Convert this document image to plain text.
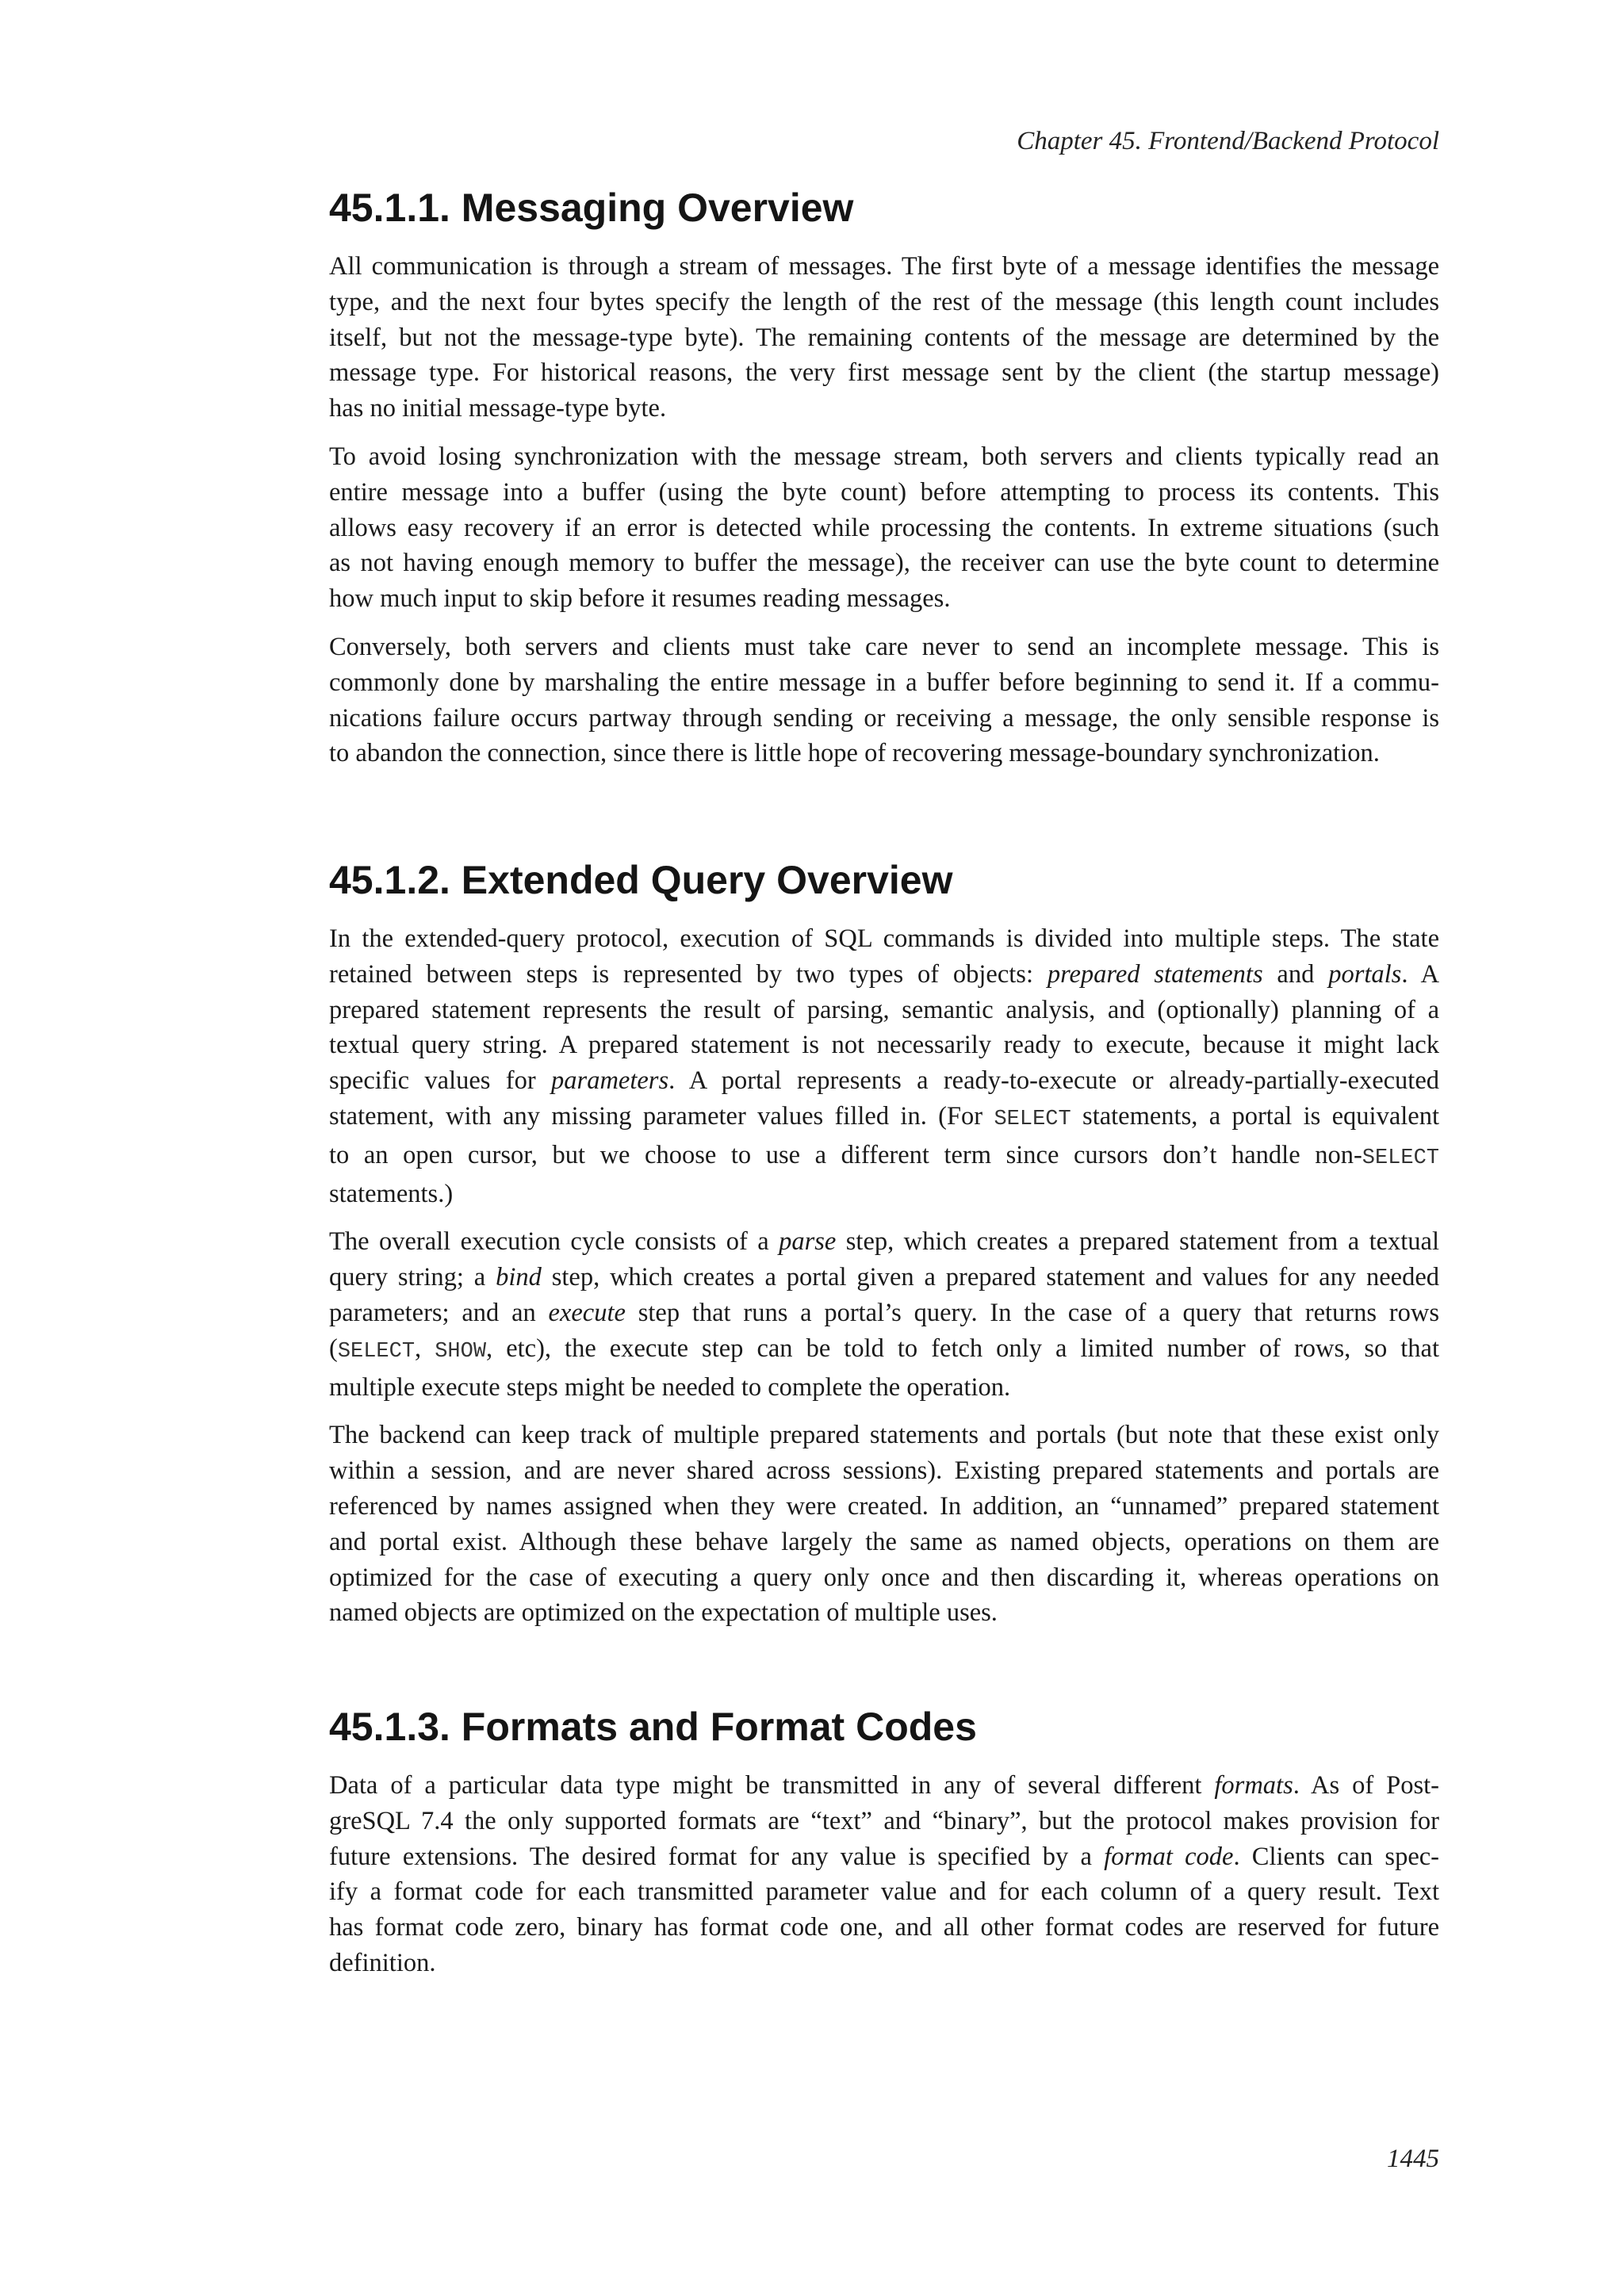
Chapter 45. Frontend/Backend Protocol
45.1.1. Messaging Overview

All communication is through a stream of messages. The first byte of a message identifies the message
type, and the next four bytes specify the length of the rest of the message (this length count includes
itself, but not the message-type byte). The remaining contents of the message are determined by the
message type. For historical reasons, the very first message sent by the client (the startup message)
has no initial message-type byte.

To avoid losing synchronization with the message stream, both servers and clients typically read an
entire message into a buffer (using the byte count) before attempting to process its contents. This
allows easy recovery if an error is detected while processing the contents. In extreme situations (such
as not having enough memory to buffer the message), the receiver can use the byte count to determine
how much input to skip before it resumes reading messages.

Conversely, both servers and clients must take care never to send an incomplete message. This is
commonly done by marshaling the entire message in a buffer before beginning to send it. If a commu-
nications failure occurs partway through sending or receiving a message, the only sensible response is
to abandon the connection, since there is little hope of recovering message-boundary synchronization.

45.1.2. Extended Query Overview

In the extended-query protocol, execution of SQL commands is divided into multiple steps. The state
retained between steps is represented by two types of objects: prepared statements and portals. A
prepared statement represents the result of parsing, semantic analysis, and (optionally) planning of a
textual query string. A prepared statement is not necessarily ready to execute, because it might lack
specific values for parameters. A portal represents a ready-to-execute or already-partially-executed
statement, with any missing parameter values filled in. (For SELECT statements, a portal is equivalent
to an open cursor, but we choose to use a different term since cursors don’t handle non-SELECT
statements.)

The overall execution cycle consists of a parse step, which creates a prepared statement from a textual
query string; a bind step, which creates a portal given a prepared statement and values for any needed
parameters; and an execute step that runs a portal’s query. In the case of a query that returns rows
(SELECT, SHOW, etc), the execute step can be told to fetch only a limited number of rows, so that
multiple execute steps might be needed to complete the operation.

The backend can keep track of multiple prepared statements and portals (but note that these exist only
within a session, and are never shared across sessions). Existing prepared statements and portals are
referenced by names assigned when they were created. In addition, an “unnamed” prepared statement
and portal exist. Although these behave largely the same as named objects, operations on them are
optimized for the case of executing a query only once and then discarding it, whereas operations on
named objects are optimized on the expectation of multiple uses.

45.1.3. Formats and Format Codes

Data of a particular data type might be transmitted in any of several different formats. As of Post-
greSQL 7.4 the only supported formats are “text” and “binary”, but the protocol makes provision for
future extensions. The desired format for any value is specified by a format code. Clients can spec-
ify a format code for each transmitted parameter value and for each column of a query result. Text
has format code zero, binary has format code one, and all other format codes are reserved for future
definition.

1445
